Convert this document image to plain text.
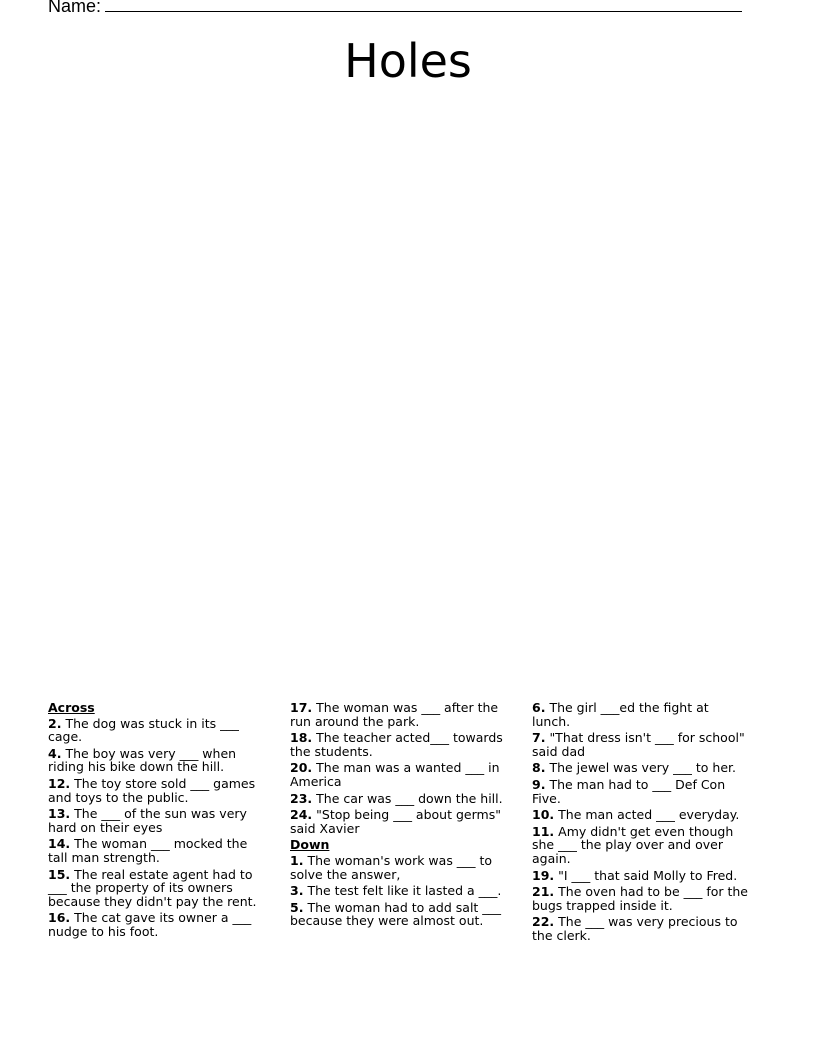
Name:
Holes
Across
2. The dog was stuck in its ___ cage.
4. The boy was very ___ when riding his bike down the hill.
12. The toy store sold ___ games and toys to the public.
13. The ___ of the sun was very hard on their eyes
14. The woman ___ mocked the tall man strength.
15. The real estate agent had to ___ the property of its owners because they didn't pay the rent.
16. The cat gave its owner a ___ nudge to his foot.
17. The woman was ___ after the run around the park.
18. The teacher acted___ towards the students.
20. The man was a wanted ___ in America
23. The car was ___ down the hill.
24. "Stop being ___ about germs" said Xavier
Down
1. The woman's work was ___ to solve the answer,
3. The test felt like it lasted a ___.
5. The woman had to add salt ___ because they were almost out.
6. The girl ___ed the fight at lunch.
7. "That dress isn't ___ for school" said dad
8. The jewel was very ___ to her.
9. The man had to ___ Def Con Five.
10. The man acted ___ everyday.
11. Amy didn't get even though she ___ the play over and over again.
19. "I ___ that said Molly to Fred.
21. The oven had to be ___ for the bugs trapped inside it.
22. The ___ was very precious to the clerk.
